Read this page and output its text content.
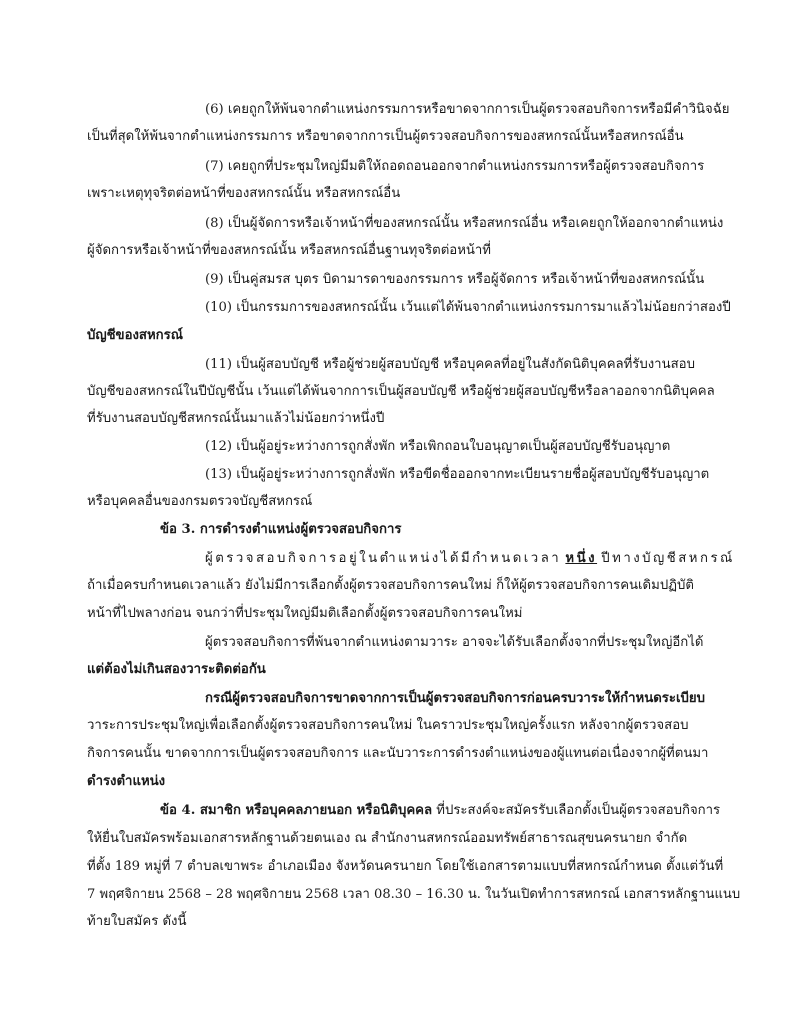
(6) เคยถูกให้พ้นจากตำแหน่งกรรมการหรือขาดจากการเป็นผู้ตรวจสอบกิจการหรือมีคำวินิจฉัย

เป็นที่สุดให้พ้นจากตำแหน่งกรรมการ หรือขาดจากการเป็นผู้ตรวจสอบกิจการของสหกรณ์นั้นหรือสหกรณ์อื่น

(7) เคยถูกที่ประชุมใหญ่มีมติให้ถอดถอนออกจากตำแหน่งกรรมการหรือผู้ตรวจสอบกิจการ

เพราะเหตุทุจริตต่อหน้าที่ของสหกรณ์นั้น หรือสหกรณ์อื่น

(8) เป็นผู้จัดการหรือเจ้าหน้าที่ของสหกรณ์นั้น หรือสหกรณ์อื่น หรือเคยถูกให้ออกจากตำแหน่ง

ผู้จัดการหรือเจ้าหน้าที่ของสหกรณ์นั้น หรือสหกรณ์อื่นฐานทุจริตต่อหน้าที่

(9) เป็นคู่สมรส บุตร บิดามารดาของกรรมการ หรือผู้จัดการ หรือเจ้าหน้าที่ของสหกรณ์นั้น

(10) เป็นกรรมการของสหกรณ์นั้น เว้นแต่ได้พ้นจากตำแหน่งกรรมการมาแล้วไม่น้อยกว่าสองปี

บัญชีของสหกรณ์

(11) เป็นผู้สอบบัญชี หรือผู้ช่วยผู้สอบบัญชี หรือบุคคลที่อยู่ในสังกัดนิติบุคคลที่รับงานสอบ

บัญชีของสหกรณ์ในปีบัญชีนั้น เว้นแต่ได้พ้นจากการเป็นผู้สอบบัญชี หรือผู้ช่วยผู้สอบบัญชีหรือลาออกจากนิติบุคคล

ที่รับงานสอบบัญชีสหกรณ์นั้นมาแล้วไม่น้อยกว่าหนึ่งปี

(12) เป็นผู้อยู่ระหว่างการถูกสั่งพัก หรือเพิกถอนใบอนุญาตเป็นผู้สอบบัญชีรับอนุญาต

(13) เป็นผู้อยู่ระหว่างการถูกสั่งพัก หรือขีดชื่อออกจากทะเบียนรายชื่อผู้สอบบัญชีรับอนุญาต

หรือบุคคลอื่นของกรมตรวจบัญชีสหกรณ์

ข้อ 3. การดำรงตำแหน่งผู้ตรวจสอบกิจการ

ผู้ตรวจสอบกิจการอยู่ในตำแหน่งได้มีกำหนดเวลา หนึ่ง ปีทางบัญชีสหกรณ์

ถ้าเมื่อครบกำหนดเวลาแล้ว ยังไม่มีการเลือกตั้งผู้ตรวจสอบกิจการคนใหม่ ก็ให้ผู้ตรวจสอบกิจการคนเดิมปฏิบัติ

หน้าที่ไปพลางก่อน จนกว่าที่ประชุมใหญ่มีมติเลือกตั้งผู้ตรวจสอบกิจการคนใหม่

ผู้ตรวจสอบกิจการที่พ้นจากตำแหน่งตามวาระ อาจจะได้รับเลือกตั้งจากที่ประชุมใหญ่อีกได้

แต่ต้องไม่เกินสองวาระติดต่อกัน

กรณีผู้ตรวจสอบกิจการขาดจากการเป็นผู้ตรวจสอบกิจการก่อนครบวาระให้กำหนดระเบียบ

วาระการประชุมใหญ่เพื่อเลือกตั้งผู้ตรวจสอบกิจการคนใหม่ ในคราวประชุมใหญ่ครั้งแรก หลังจากผู้ตรวจสอบ

กิจการคนนั้น ขาดจากการเป็นผู้ตรวจสอบกิจการ และนับวาระการดำรงตำแหน่งของผู้แทนต่อเนื่องจากผู้ที่ตนมา

ดำรงตำแหน่ง

ข้อ 4. สมาชิก หรือบุคคลภายนอก หรือนิติบุคคล ที่ประสงค์จะสมัครรับเลือกตั้งเป็นผู้ตรวจสอบกิจการ

ให้ยื่นใบสมัครพร้อมเอกสารหลักฐานด้วยตนเอง ณ สำนักงานสหกรณ์ออมทรัพย์สาธารณสุขนครนายก จำกัด

ที่ตั้ง 189 หมู่ที่ 7 ตำบลเขาพระ อำเภอเมือง จังหวัดนครนายก โดยใช้เอกสารตามแบบที่สหกรณ์กำหนด ตั้งแต่วันที่

7 พฤศจิกายน 2568 – 28 พฤศจิกายน 2568 เวลา 08.30 – 16.30 น. ในวันเปิดทำการสหกรณ์ เอกสารหลักฐานแนบ

ท้ายใบสมัคร ดังนี้
